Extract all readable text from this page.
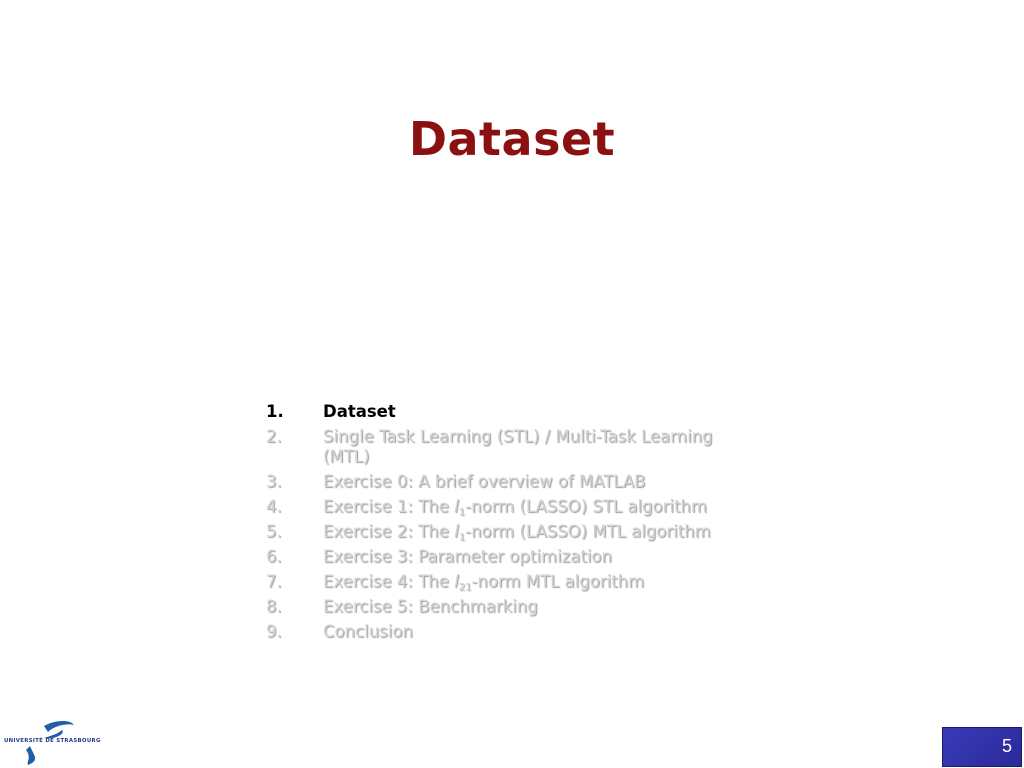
Dataset
1.	Dataset
2.	Single Task Learning (STL) / Multi-Task Learning (MTL)
3.	Exercise 0: A brief overview of MATLAB
4.	Exercise 1: The $l_1$-norm (LASSO) STL algorithm
5.	Exercise 2: The $l_1$-norm (LASSO) MTL algorithm
6.	Exercise 3: Parameter optimization
7.	Exercise 4: The $l_{21}$-norm MTL algorithm
8.	Exercise 5: Benchmarking
9.	Conclusion
UNIVERSITÉ DE STRASBOURG	5
